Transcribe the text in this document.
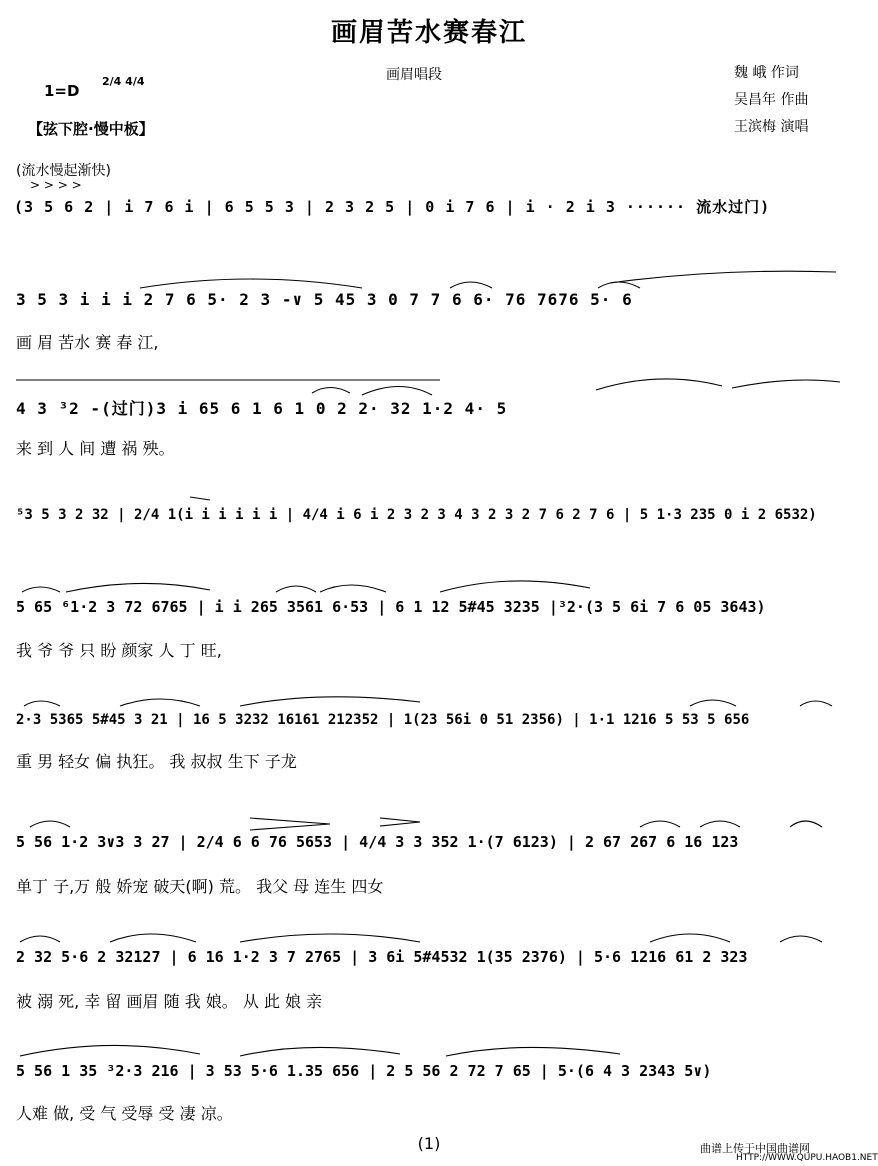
画眉苦水赛春江
画眉唱段
1=D
2/4 4/4
【弦下腔·慢中板】
魏 峨 作词
吴昌年 作曲
王滨梅 演唱
(流水慢起渐快)
> > > >
(3 5 6 2 | i 7 6 i | 6 5 5 3 | 2 3 2 5 | 0 i 7 6 | i · 2 i 3 ······ 流水过门)
3 5 3 i i i 2 7 6 5· 2 3 -∨ 5 45 3 0 7 7 6 6· 76 7676 5· 6
画 眉 苦水 赛 春 江,
4 3 ³2 -(过门)3 i 65 6 1 6 1 0 2 2· 32 1·2 4· 5
来 到 人 间 遭 祸 殃。
⁵3 5 3 2 32 | 2/4 1(i i i i i i | 4/4 i 6 i 2 3 2 3 4 3 2 3 2 7 6 2 7 6 | 5 1·3 235 0 i 2 6532)
5 65 ⁶1·2 3 72 6765 | i i 265 3561 6·53 | 6 1 12 5#45 3235 |³2·(3 5 6i 7 6 05 3643)
我 爷 爷 只 盼 颜家 人 丁 旺,
2·3 5365 5#45 3 21 | 16 5 3232 16161 212352 | 1(23 56i 0 51 2356) | 1·1 1216 5 53 5 656
重 男 轻女 偏 执狂。 我 叔叔 生下 子龙
5 56 1·2 3∨3 3 27 | 2/4 6 6 76 5653 | 4/4 3 3 352 1·(7 6123) | 2 67 267 6 16 123
单丁 子,万 般 娇宠 破天(啊) 荒。 我父 母 连生 四女
2 32 5·6 2 32127 | 6 16 1·2 3 7 2765 | 3 6i 5#4532 1(35 2376) | 5·6 1216 61 2 323
被 溺 死, 幸 留 画眉 随 我 娘。 从 此 娘 亲
5 56 1 35 ³2·3 216 | 3 53 5·6 1.35 656 | 2 5 56 2 72 7 65 | 5·(6 4 3 2343 5∨)
人难 做, 受 气 受辱 受 凄 凉。
(1)	曲谱上传于中国曲谱网
HTTP://WWW.QUPU.HAOB1.NET
